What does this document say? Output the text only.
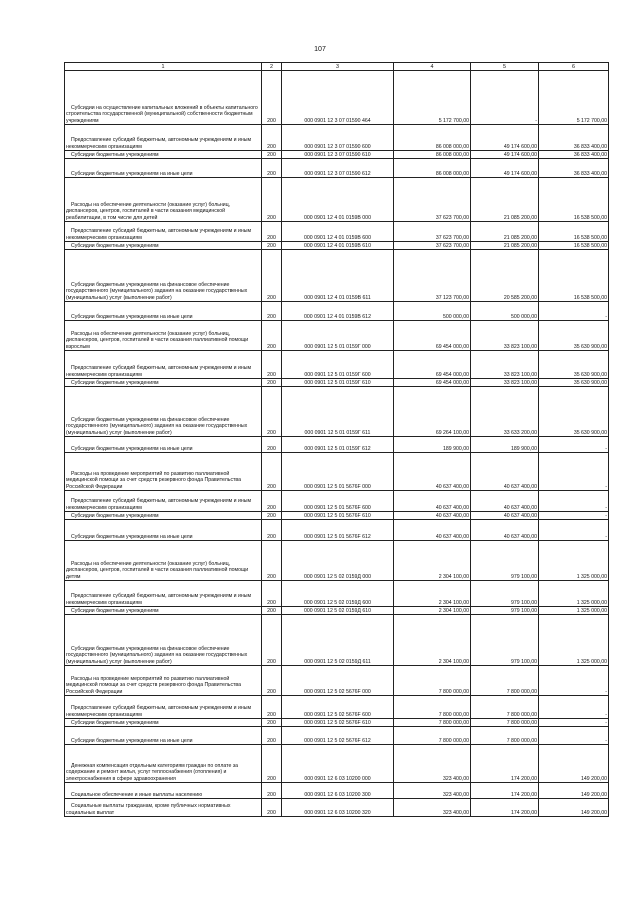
107
1	2	3	4	5	6

Субсидии на осуществление капитальных вложений в объекты капитального строительства государственной (муниципальной) собственности бюджетным учреждениям	200	000 0901 12 3 07 01590 464	5 172 700,00	-	5 172 700,00

Предоставление субсидий бюджетным, автономным учреждениям и иным некоммерческим организациям	200	000 0901 12 3 07 01590 600	86 008 000,00	49 174 600,00	36 833 400,00

Субсидии бюджетным учреждениям	200	000 0901 12 3 07 01590 610	86 008 000,00	49 174 600,00	36 833 400,00

Субсидии бюджетным учреждениям на иные цели	200	000 0901 12 3 07 01590 612	86 008 000,00	49 174 600,00	36 833 400,00

Расходы на обеспечение деятельности (оказание услуг) больниц, диспансеров, центров, госпиталей в части оказания медицинской реабилитации, в том числе для детей	200	000 0901 12 4 01 0159В 000	37 623 700,00	21 085 200,00	16 538 500,00

Предоставление субсидий бюджетным, автономным учреждениям и иным некоммерческим организациям	200	000 0901 12 4 01 0159В 600	37 623 700,00	21 085 200,00	16 538 500,00

Субсидии бюджетным учреждениям	200	000 0901 12 4 01 0159В 610	37 623 700,00	21 085 200,00	16 538 500,00

Субсидии бюджетным учреждениям на финансовое обеспечение государственного (муниципального) задания на оказание государственных (муниципальных) услуг (выполнение работ)	200	000 0901 12 4 01 0159В 611	37 123 700,00	20 585 200,00	16 538 500,00

Субсидии бюджетным учреждениям на иные цели	200	000 0901 12 4 01 0159В 612	500 000,00	500 000,00	-

Расходы на обеспечение деятельности (оказание услуг) больниц, диспансеров, центров, госпиталей в части оказания паллиативной помощи взрослым	200	000 0901 12 5 01 0159Г 000	69 454 000,00	33 823 100,00	35 630 900,00

Предоставление субсидий бюджетным, автономным учреждениям и иным некоммерческим организациям	200	000 0901 12 5 01 0159Г 600	69 454 000,00	33 823 100,00	35 630 900,00

Субсидии бюджетным учреждениям	200	000 0901 12 5 01 0159Г 610	69 454 000,00	33 823 100,00	35 630 900,00

Субсидии бюджетным учреждениям на финансовое обеспечение государственного (муниципального) задания на оказание государственных (муниципальных) услуг (выполнение работ)	200	000 0901 12 5 01 0159Г 611	69 264 100,00	33 633 200,00	35 630 900,00

Субсидии бюджетным учреждениям на иные цели	200	000 0901 12 5 01 0159Г 612	189 900,00	189 900,00	-

Расходы на проведение мероприятий по развитию паллиативной медицинской помощи за счет средств резервного фонда Правительства Российской Федерации	200	000 0901 12 5 01 5676F 000	40 637 400,00	40 637 400,00	-

Предоставление субсидий бюджетным, автономным учреждениям и иным некоммерческим организациям	200	000 0901 12 5 01 5676F 600	40 637 400,00	40 637 400,00	-

Субсидии бюджетным учреждениям	200	000 0901 12 5 01 5676F 610	40 637 400,00	40 637 400,00	-

Субсидии бюджетным учреждениям на иные цели	200	000 0901 12 5 01 5676F 612	40 637 400,00	40 637 400,00	-

Расходы на обеспечение деятельности (оказание услуг) больниц, диспансеров, центров, госпиталей в части оказания паллиативной помощи детям	200	000 0901 12 5 02 0159Д 000	2 304 100,00	979 100,00	1 325 000,00

Предоставление субсидий бюджетным, автономным учреждениям и иным некоммерческим организациям	200	000 0901 12 5 02 0159Д 600	2 304 100,00	979 100,00	1 325 000,00

Субсидии бюджетным учреждениям	200	000 0901 12 5 02 0159Д 610	2 304 100,00	979 100,00	1 325 000,00

Субсидии бюджетным учреждениям на финансовое обеспечение государственного (муниципального) задания на оказание государственных (муниципальных) услуг (выполнение работ)	200	000 0901 12 5 02 0159Д 611	2 304 100,00	979 100,00	1 325 000,00

Расходы на проведение мероприятий по развитию паллиативной медицинской помощи за счет средств резервного фонда Правительства Российской Федерации	200	000 0901 12 5 02 5676F 000	7 800 000,00	7 800 000,00	-

Предоставление субсидий бюджетным, автономным учреждениям и иным некоммерческим организациям	200	000 0901 12 5 02 5676F 600	7 800 000,00	7 800 000,00	-

Субсидии бюджетным учреждениям	200	000 0901 12 5 02 5676F 610	7 800 000,00	7 800 000,00	-

Субсидии бюджетным учреждениям на иные цели	200	000 0901 12 5 02 5676F 612	7 800 000,00	7 800 000,00	-

Денежная компенсация отдельным категориям граждан по оплате за содержание и ремонт жилья, услуг теплоснабжения (отопления) и электроснабжения в сфере здравоохранения	200	000 0901 12 6 03 10200 000	323 400,00	174 200,00	149 200,00

Социальное обеспечение и иные выплаты населению	200	000 0901 12 6 03 10200 300	323 400,00	174 200,00	149 200,00

Социальные выплаты гражданам, кроме публичных нормативных социальных выплат	200	000 0901 12 6 03 10200 320	323 400,00	174 200,00	149 200,00
